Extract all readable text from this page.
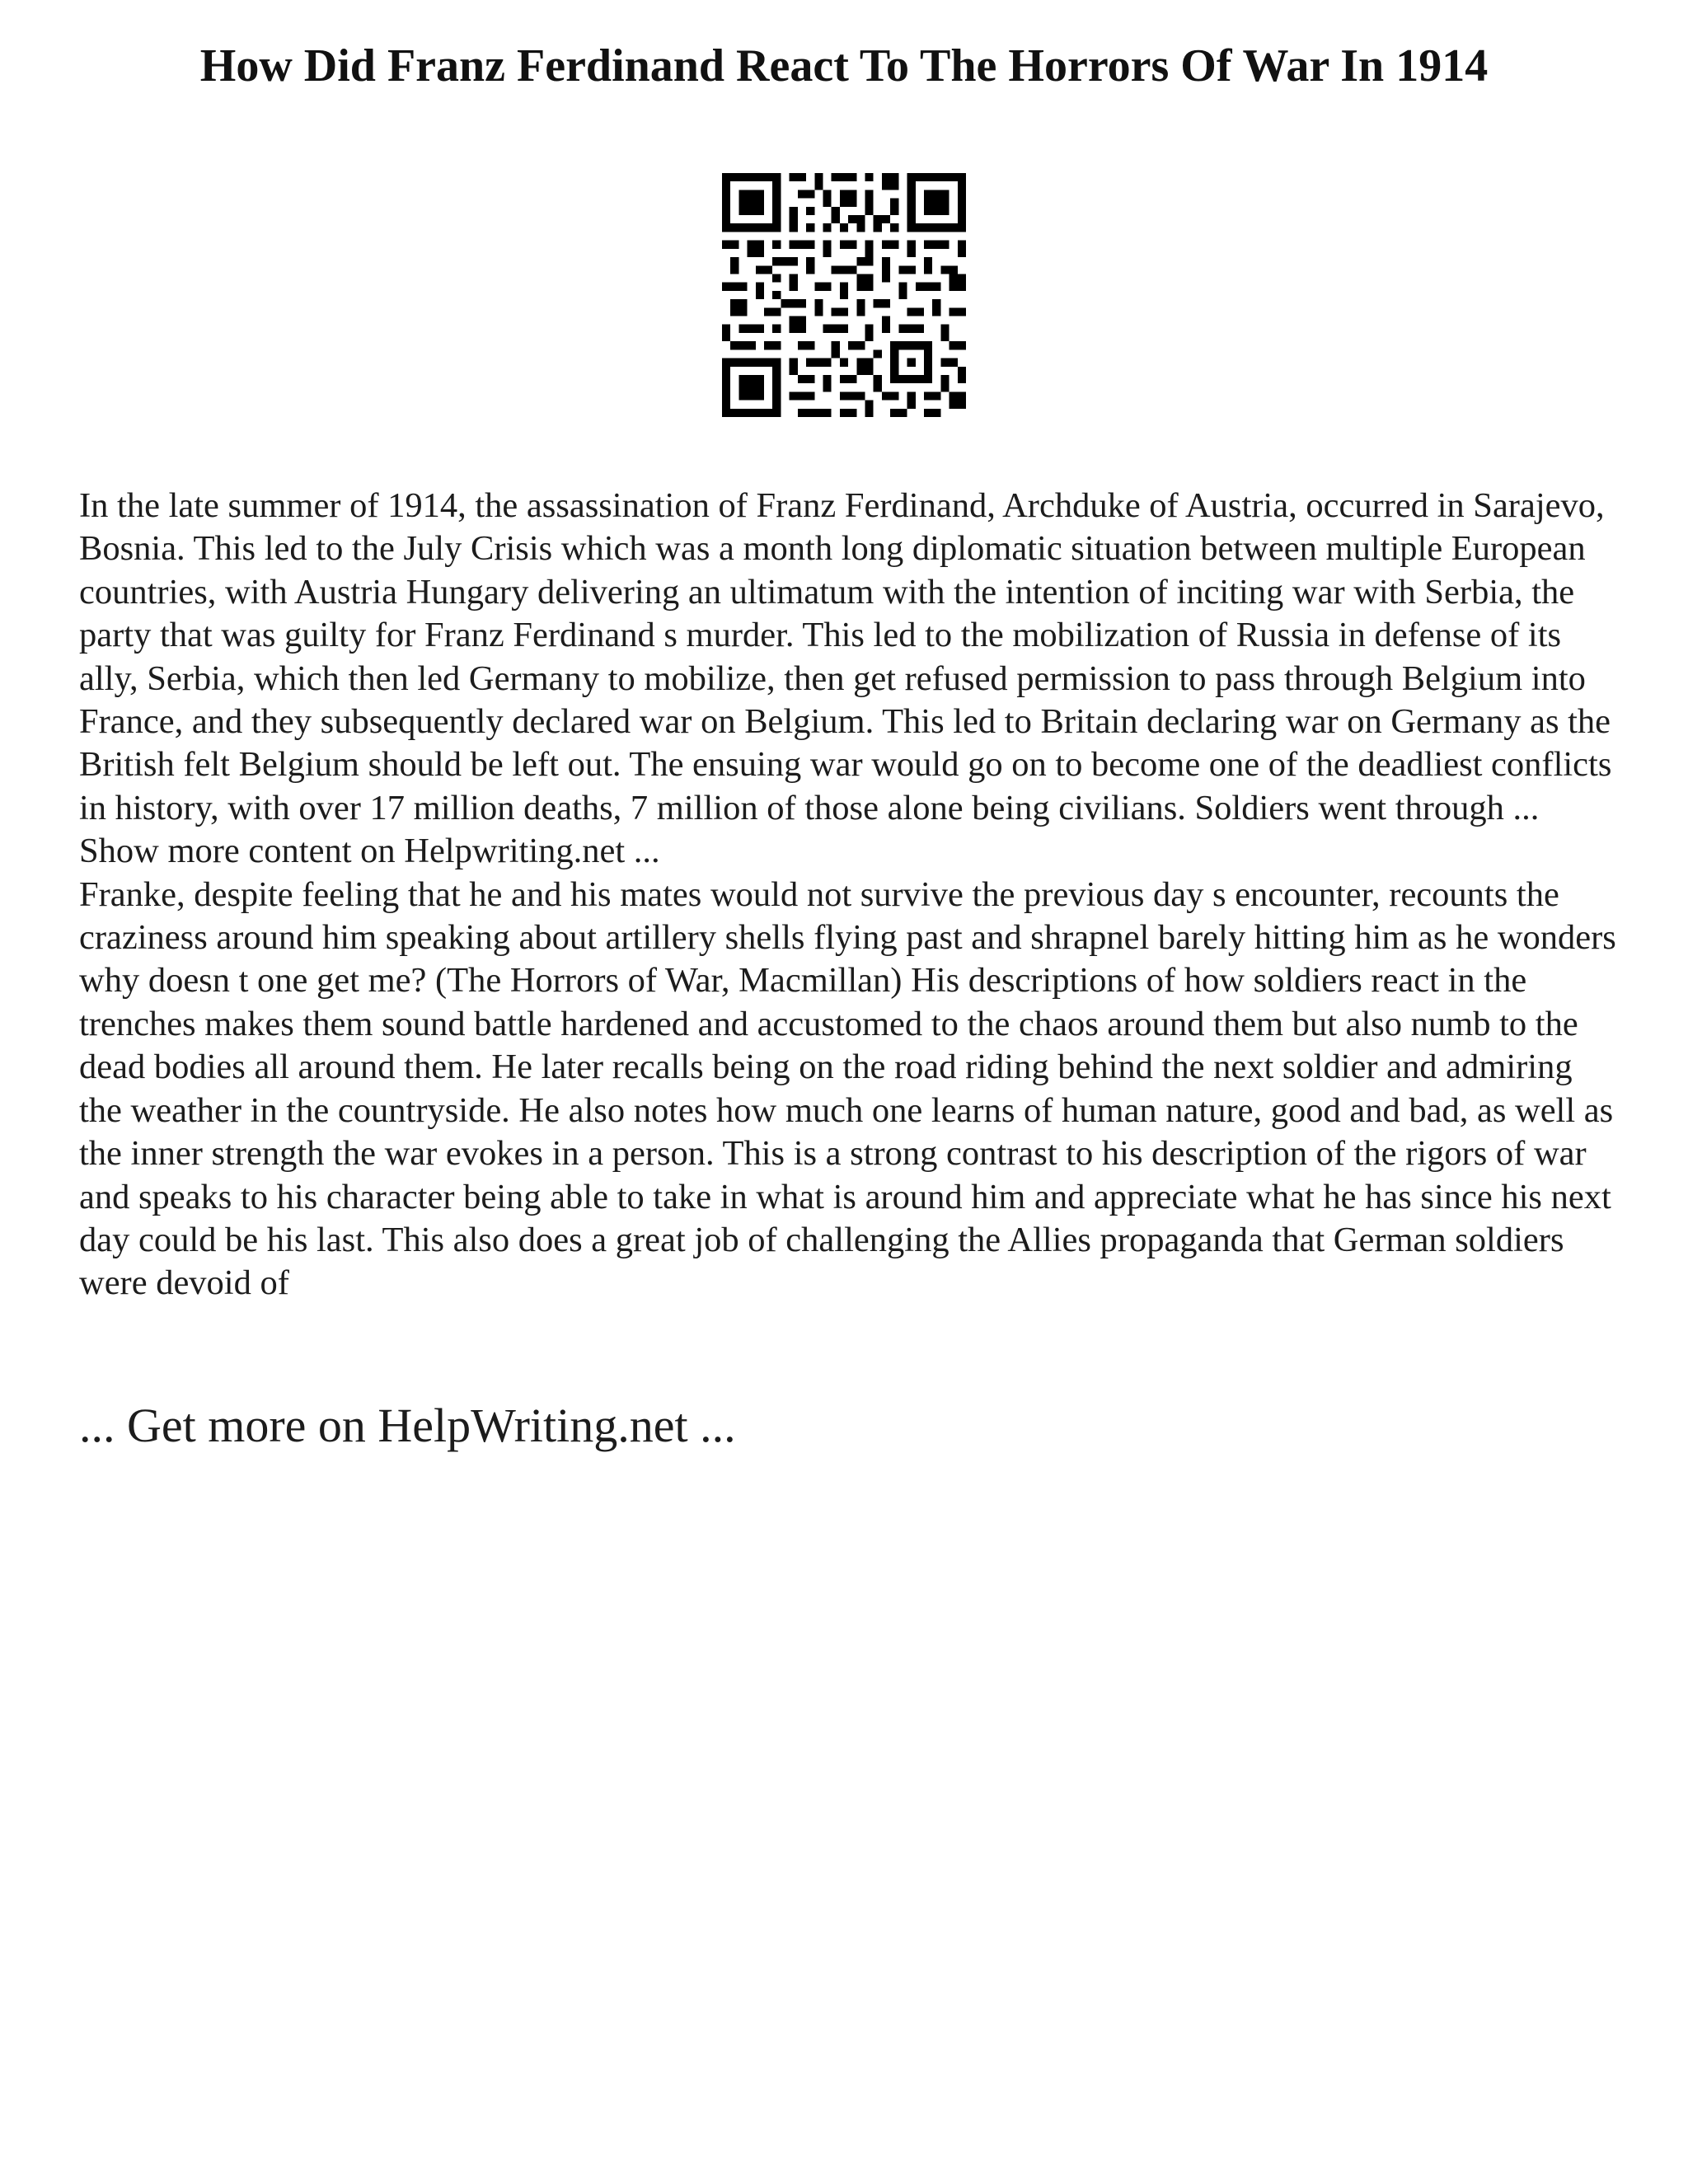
How Did Franz Ferdinand React To The Horrors Of War In 1914

In the late summer of 1914, the assassination of Franz Ferdinand, Archduke of Austria, occurred in Sarajevo, Bosnia. This led to the July Crisis which was a month long diplomatic situation between multiple European countries, with Austria Hungary delivering an ultimatum with the intention of inciting war with Serbia, the party that was guilty for Franz Ferdinand s murder. This led to the mobilization of Russia in defense of its ally, Serbia, which then led Germany to mobilize, then get refused permission to pass through Belgium into France, and they subsequently declared war on Belgium. This led to Britain declaring war on Germany as the British felt Belgium should be left out. The ensuing war would go on to become one of the deadliest conflicts in history, with over 17 million deaths, 7 million of those alone being civilians. Soldiers went through ... Show more content on Helpwriting.net ...

Franke, despite feeling that he and his mates would not survive the previous day s encounter, recounts the craziness around him speaking about artillery shells flying past and shrapnel barely hitting him as he wonders why doesn t one get me? (The Horrors of War, Macmillan) His descriptions of how soldiers react in the trenches makes them sound battle hardened and accustomed to the chaos around them but also numb to the dead bodies all around them. He later recalls being on the road riding behind the next soldier and admiring the weather in the countryside. He also notes how much one learns of human nature, good and bad, as well as the inner strength the war evokes in a person. This is a strong contrast to his description of the rigors of war and speaks to his character being able to take in what is around him and appreciate what he has since his next day could be his last. This also does a great job of challenging the Allies propaganda that German soldiers were devoid of

... Get more on HelpWriting.net ...
